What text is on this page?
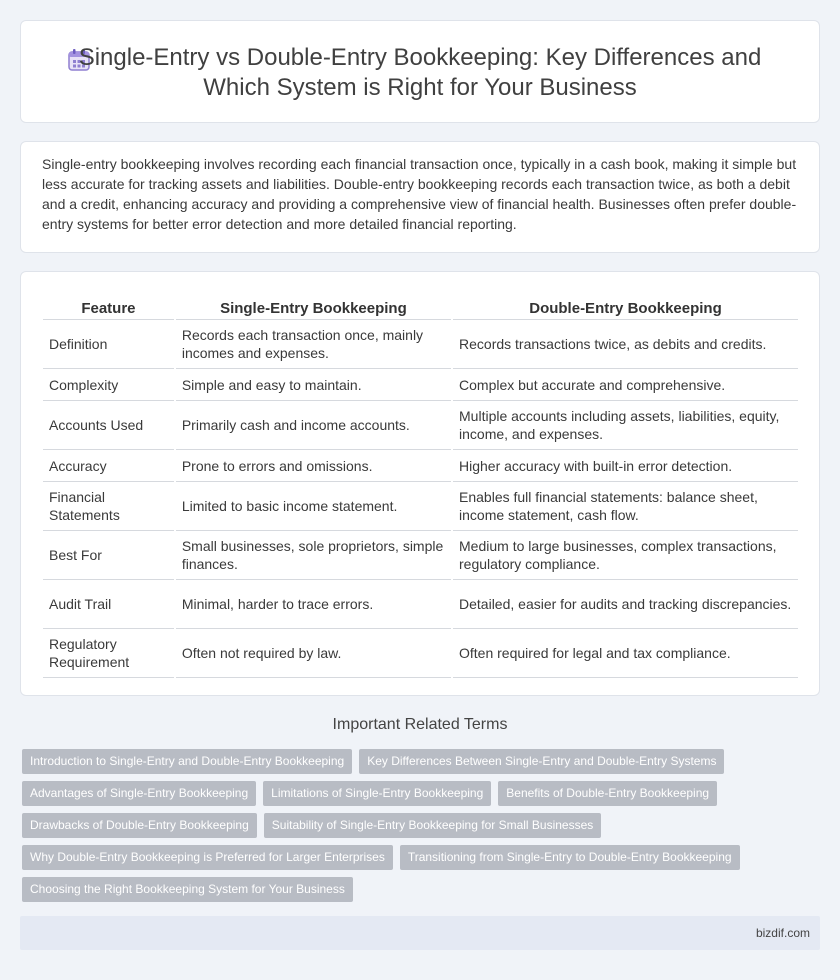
Single-Entry vs Double-Entry Bookkeeping: Key Differences and Which System is Right for Your Business

Single-entry bookkeeping involves recording each financial transaction once, typically in a cash book, making it simple but less accurate for tracking assets and liabilities. Double-entry bookkeeping records each transaction twice, as both a debit and a credit, enhancing accuracy and providing a comprehensive view of financial health. Businesses often prefer double-entry systems for better error detection and more detailed financial reporting.

Feature	Single-Entry Bookkeeping	Double-Entry Bookkeeping
Definition	Records each transaction once, mainly incomes and expenses.	Records transactions twice, as debits and credits.
Complexity	Simple and easy to maintain.	Complex but accurate and comprehensive.
Accounts Used	Primarily cash and income accounts.	Multiple accounts including assets, liabilities, equity, income, and expenses.
Accuracy	Prone to errors and omissions.	Higher accuracy with built-in error detection.
Financial Statements	Limited to basic income statement.	Enables full financial statements: balance sheet, income statement, cash flow.
Best For	Small businesses, sole proprietors, simple finances.	Medium to large businesses, complex transactions, regulatory compliance.
Audit Trail	Minimal, harder to trace errors.	Detailed, easier for audits and tracking discrepancies.
Regulatory Requirement	Often not required by law.	Often required for legal and tax compliance.
Important Related Terms
Introduction to Single-Entry and Double-Entry Bookkeeping	Key Differences Between Single-Entry and Double-Entry Systems
Advantages of Single-Entry Bookkeeping	Limitations of Single-Entry Bookkeeping	Benefits of Double-Entry Bookkeeping
Drawbacks of Double-Entry Bookkeeping	Suitability of Single-Entry Bookkeeping for Small Businesses
Why Double-Entry Bookkeeping is Preferred for Larger Enterprises	Transitioning from Single-Entry to Double-Entry Bookkeeping
Choosing the Right Bookkeeping System for Your Business
bizdif.com
